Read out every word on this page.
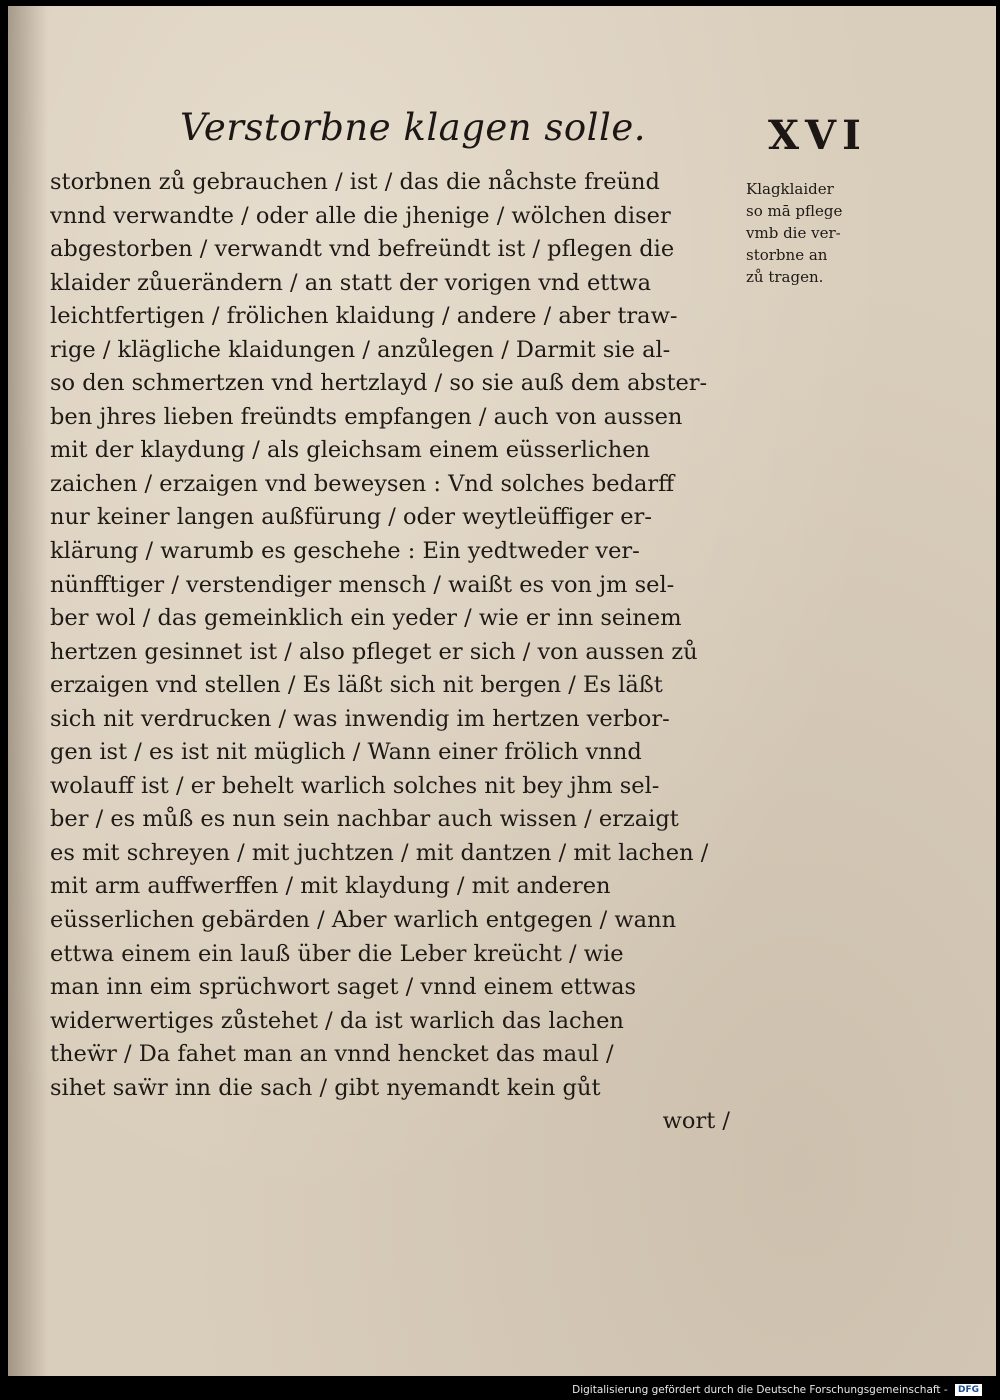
Verstorbne klagen solle.	XVI
storbnen zů gebrauchen / ist / das die nåchste freünd
vnnd verwandte / oder alle die jhenige / wölchen diser
abgestorben / verwandt vnd befreündt ist / pflegen die
klaider zůuerändern / an statt der vorigen vnd ettwa
leichtfertigen / frölichen klaidung / andere / aber traw-
rige / klägliche klaidungen / anzůlegen / Darmit sie al-
so den schmertzen vnd hertzlayd / so sie auß dem abster-
ben jhres lieben freündts empfangen / auch von aussen
mit der klaydung / als gleichsam einem eüsserlichen
zaichen / erzaigen vnd beweysen : Vnd solches bedarff
nur keiner langen außfürung / oder weytleüffiger er-
klärung / warumb es geschehe : Ein yedtweder ver-
nünfftiger / verstendiger mensch / waißt es von jm sel-
ber wol / das gemeinklich ein yeder / wie er inn seinem
hertzen gesinnet ist / also pfleget er sich / von aussen zů
erzaigen vnd stellen / Es läßt sich nit bergen / Es läßt
sich nit verdrucken / was inwendig im hertzen verbor-
gen ist / es ist nit müglich / Wann einer frölich vnnd
wolauff ist / er behelt warlich solches nit bey jhm sel-
ber / es můß es nun sein nachbar auch wissen / erzaigt
es mit schreyen / mit juchtzen / mit dantzen / mit lachen /
mit arm auffwerffen / mit klaydung / mit anderen
eüsserlichen gebärden / Aber warlich entgegen / wann
ettwa einem ein lauß über die Leber kreücht / wie
man inn eim sprüchwort saget / vnnd einem ettwas
widerwertiges zůstehet / da ist warlich das lachen
theẅr / Da fahet man an vnnd hencket das maul /
sihet saẅr inn die sach / gibt nyemandt kein gůt
wort /
Klagklaider
so mā pflege
vmb die ver-
storbne an
zů tragen.
Digitalisierung gefördert durch die Deutsche Forschungsgemeinschaft - DFG
